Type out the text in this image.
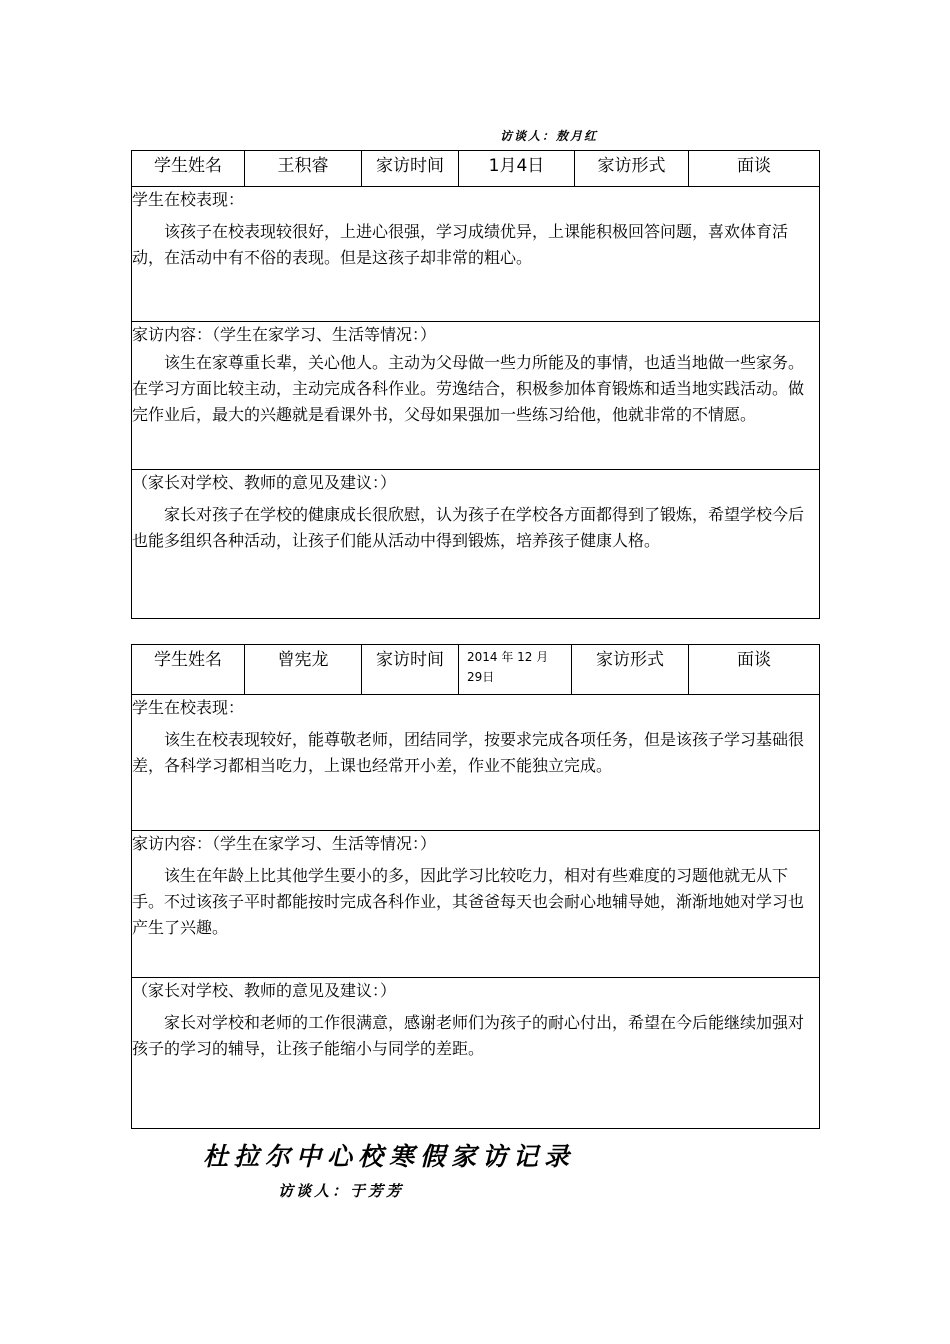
访谈人：敖月红
学生姓名	王积睿	家访时间	1月4日	家访形式	面谈

学生在校表现：
该孩子在校表现较很好，上进心很强，学习成绩优异，上课能积极回答问题，喜欢体育活动，在活动中有不俗的表现。但是这孩子却非常的粗心。

家访内容：（学生在家学习、生活等情况：）
该生在家尊重长辈，关心他人。主动为父母做一些力所能及的事情，也适当地做一些家务。在学习方面比较主动，主动完成各科作业。劳逸结合，积极参加体育锻炼和适当地实践活动。做完作业后，最大的兴趣就是看课外书，父母如果强加一些练习给他，他就非常的不情愿。

（家长对学校、教师的意见及建议：）
家长对孩子在学校的健康成长很欣慰，认为孩子在学校各方面都得到了锻炼，希望学校今后也能多组织各种活动，让孩子们能从活动中得到锻炼，培养孩子健康人格。
学生姓名	曾宪龙	家访时间	2014 年 12 月 29日	家访形式	面谈

学生在校表现：
该生在校表现较好，能尊敬老师，团结同学，按要求完成各项任务，但是该孩子学习基础很差，各科学习都相当吃力，上课也经常开小差，作业不能独立完成。

家访内容：（学生在家学习、生活等情况：）
该生在年龄上比其他学生要小的多，因此学习比较吃力，相对有些难度的习题他就无从下手。不过该孩子平时都能按时完成各科作业，其爸爸每天也会耐心地辅导她，渐渐地她对学习也产生了兴趣。

（家长对学校、教师的意见及建议：）
家长对学校和老师的工作很满意，感谢老师们为孩子的耐心付出，希望在今后能继续加强对孩子的学习的辅导，让孩子能缩小与同学的差距。
杜拉尔中心校寒假家访记录
访谈人：于芳芳
